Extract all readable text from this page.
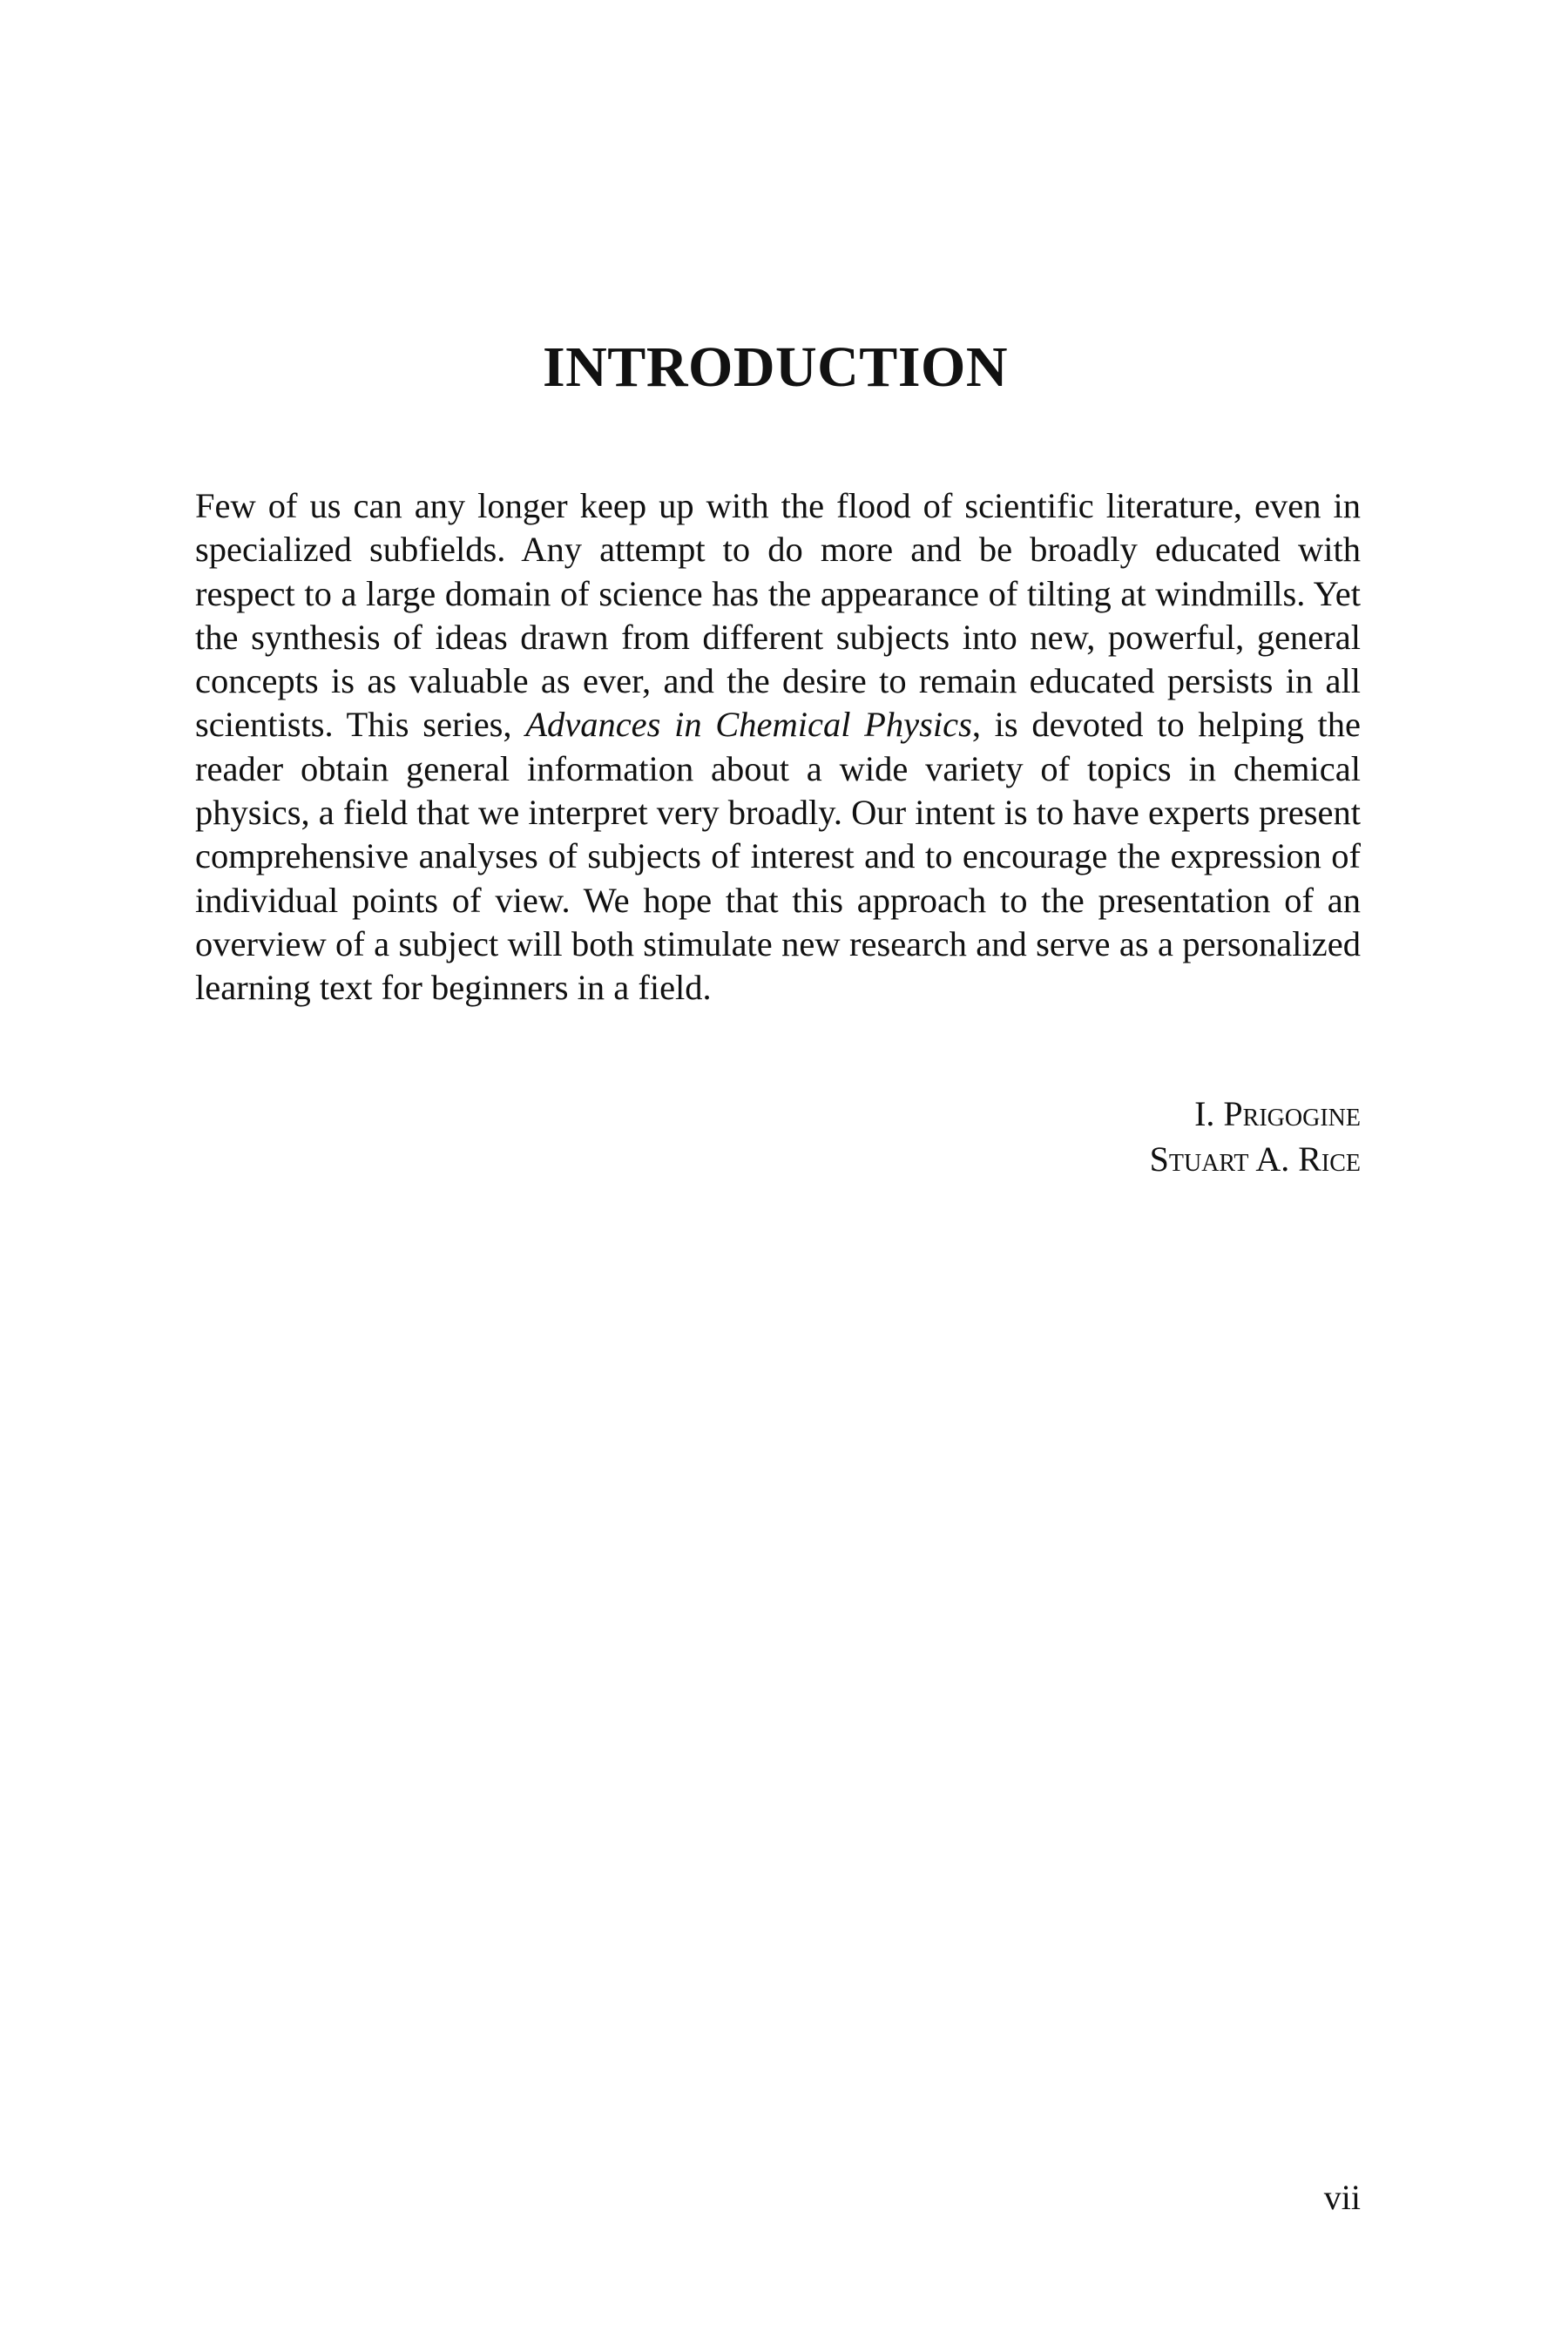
INTRODUCTION

Few of us can any longer keep up with the flood of scientific literature, even in specialized subfields. Any attempt to do more and be broadly educated with respect to a large domain of science has the appearance of tilting at windmills. Yet the synthesis of ideas drawn from different subjects into new, powerful, general concepts is as valuable as ever, and the desire to remain educated persists in all scientists. This series, Advances in Chemical Physics, is devoted to helping the reader obtain general information about a wide variety of topics in chemical physics, a field that we interpret very broadly. Our intent is to have experts present comprehensive analyses of subjects of interest and to encourage the expression of individual points of view. We hope that this approach to the presentation of an overview of a subject will both stimulate new research and serve as a personalized learning text for beginners in a field.

I. Prigogine
Stuart A. Rice
vii
